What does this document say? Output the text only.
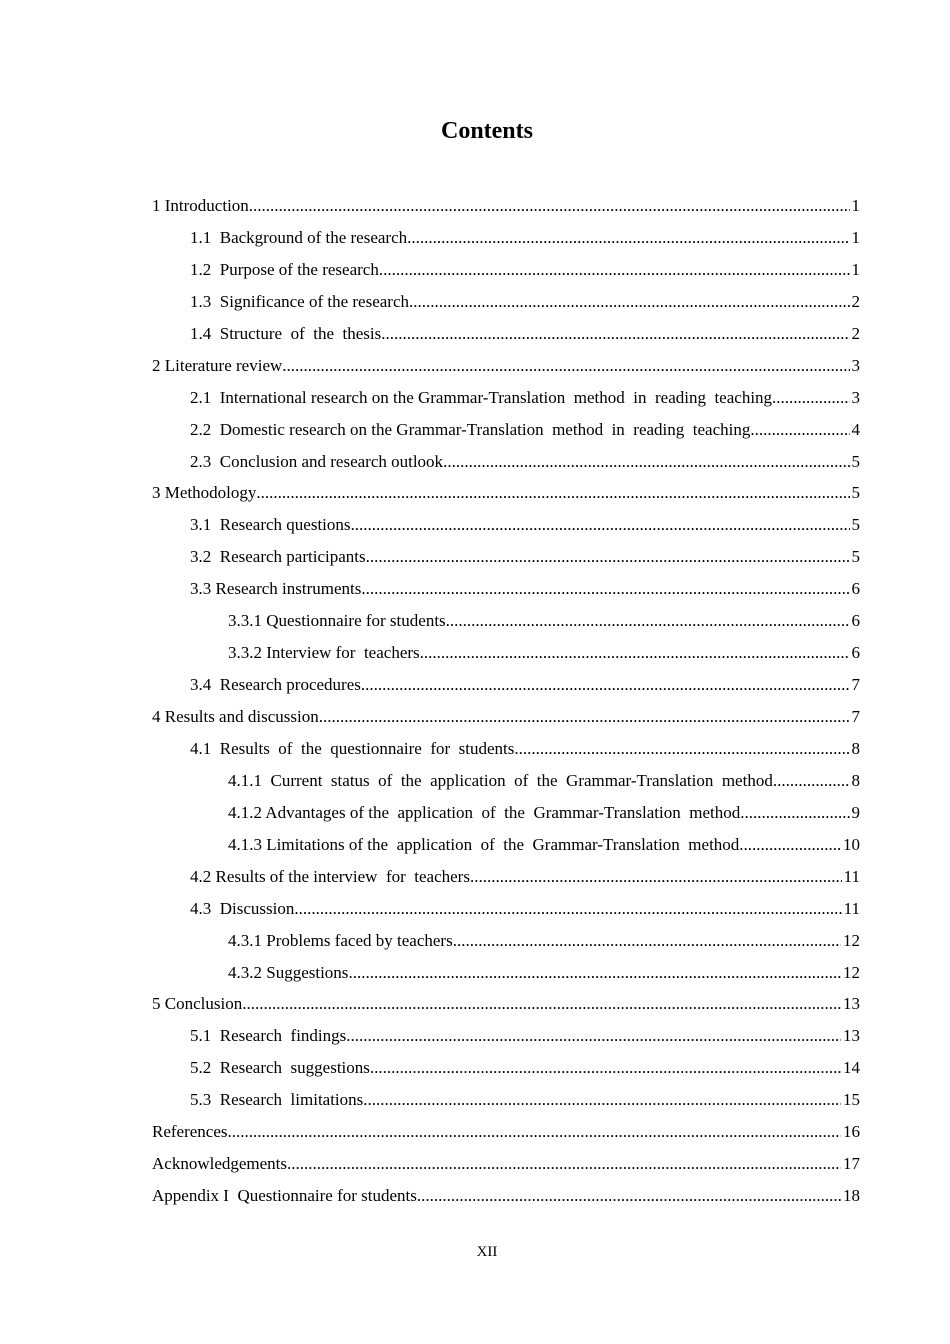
Contents
1 Introduction .....	1
1.1  Background of the research .....	1
1.2  Purpose of the research .....	1
1.3  Significance of the research .....	2
1.4  Structure  of  the  thesis .....	2
2 Literature review .....	3
2.1  International research on the Grammar-Translation  method  in  reading  teaching .....	3
2.2  Domestic research on the Grammar-Translation  method  in  reading  teaching. .....	4
2.3  Conclusion and research outlook .....	5
3 Methodology .....	5
3.1  Research questions .....	5
3.2  Research participants .....	5
3.3 Research instruments .....	6
3.3.1 Questionnaire for students .....	6
3.3.2 Interview for  teachers .....	6
3.4  Research procedures .....	7
4 Results and discussion .....	7
4.1  Results  of  the  questionnaire  for  students .....	8
4.1.1  Current  status  of  the  application  of  the  Grammar-Translation  method .....	8
4.1.2 Advantages of the  application  of  the  Grammar-Translation  method .....	9
4.1.3 Limitations of the  application  of  the  Grammar-Translation  method .....	10
4.2 Results of the interview  for  teachers .....	11
4.3  Discussion .....	11
4.3.1 Problems faced by teachers .....	12
4.3.2 Suggestions .....	12
5 Conclusion .....	13
5.1  Research  findings .....	13
5.2  Research  suggestions .....	14
5.3  Research  limitations .....	15
References .....	16
Acknowledgements .....	17
Appendix I  Questionnaire for students .....	18
XII
